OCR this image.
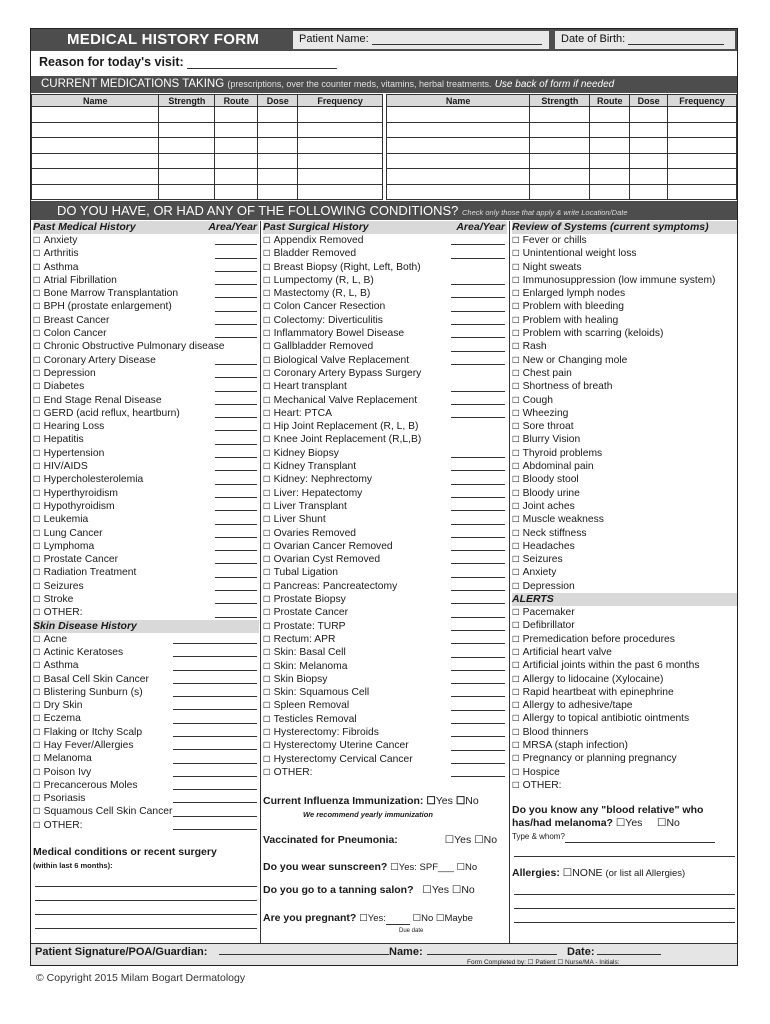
MEDICAL HISTORY FORM	Patient Name:	Date of Birth:
Reason for today's visit:
CURRENT MEDICATIONS TAKING (prescriptions, over the counter meds, vitamins, herbal treatments. Use back of form if needed
Name	Strength	Route	Dose	Frequency

					Name	Strength	Route	Dose	Frequency

DO YOU HAVE, OR HAD ANY OF THE FOLLOWING CONDITIONS? Check only those that apply & write Location/Date
Past Medical History	Area/Year
☐ Anxiety
☐ Arthritis
☐ Asthma
☐ Atrial Fibrillation
☐ Bone Marrow Transplantation
☐ BPH (prostate enlargement)
☐ Breast Cancer
☐ Colon Cancer
☐ Chronic Obstructive Pulmonary disease
☐ Coronary Artery Disease
☐ Depression
☐ Diabetes
☐ End Stage Renal Disease
☐ GERD (acid reflux, heartburn)
☐ Hearing Loss
☐ Hepatitis
☐ Hypertension
☐ HIV/AIDS
☐ Hypercholesterolemia
☐ Hyperthyroidism
☐ Hypothyroidism
☐ Leukemia
☐ Lung Cancer
☐ Lymphoma
☐ Prostate Cancer
☐ Radiation Treatment
☐ Seizures
☐ Stroke
☐ OTHER:
Skin Disease History
☐ Acne
☐ Actinic Keratoses
☐ Asthma
☐ Basal Cell Skin Cancer
☐ Blistering Sunburn (s)
☐ Dry Skin
☐ Eczema
☐ Flaking or Itchy Scalp
☐ Hay Fever/Allergies
☐ Melanoma
☐ Poison Ivy
☐ Precancerous Moles
☐ Psoriasis
☐ Squamous Cell Skin Cancer
☐ OTHER:
Medical conditions or recent surgery
(within last 6 months):
Past Surgical History	Area/Year
☐ Appendix Removed
☐ Bladder Removed
☐ Breast Biopsy (Right, Left, Both)
☐ Lumpectomy (R, L, B)
☐ Mastectomy (R, L, B)
☐ Colon Cancer Resection
☐ Colectomy: Diverticulitis
☐ Inflammatory Bowel Disease
☐ Gallbladder Removed
☐ Biological Valve Replacement
☐ Coronary Artery Bypass Surgery
☐ Heart transplant
☐ Mechanical Valve Replacement
☐ Heart: PTCA
☐ Hip Joint Replacement (R, L, B)
☐ Knee Joint Replacement (R,L,B)
☐ Kidney Biopsy
☐ Kidney Transplant
☐ Kidney: Nephrectomy
☐ Liver: Hepatectomy
☐ Liver Transplant
☐ Liver Shunt
☐ Ovaries Removed
☐ Ovarian Cancer Removed
☐ Ovarian Cyst Removed
☐ Tubal Ligation
☐ Pancreas: Pancreatectomy
☐ Prostate Biopsy
☐ Prostate Cancer
☐ Prostate: TURP
☐ Rectum: APR
☐ Skin: Basal Cell
☐ Skin: Melanoma
☐ Skin Biopsy
☐ Skin: Squamous Cell
☐ Spleen Removal
☐ Testicles Removal
☐ Hysterectomy: Fibroids
☐ Hysterectomy Uterine Cancer
☐ Hysterectomy Cervical Cancer
☐ OTHER:
Current Influenza Immunization: ☐Yes ☐No
We recommend yearly immunization
Vaccinated for Pneumonia:	☐Yes ☐No
Do you wear sunscreen? ☐Yes: SPF___ ☐No
Do you go to a tanning salon? ☐Yes ☐No
Are you pregnant? ☐Yes:	☐No ☐Maybe
Due date
Review of Systems (current symptoms)
☐ Fever or chills
☐ Unintentional weight loss
☐ Night sweats
☐ Immunosuppression (low immune system)
☐ Enlarged lymph nodes
☐ Problem with bleeding
☐ Problem with healing
☐ Problem with scarring (keloids)
☐ Rash
☐ New or Changing mole
☐ Chest pain
☐ Shortness of breath
☐ Cough
☐ Wheezing
☐ Sore throat
☐ Blurry Vision
☐ Thyroid problems
☐ Abdominal pain
☐ Bloody stool
☐ Bloody urine
☐ Joint aches
☐ Muscle weakness
☐ Neck stiffness
☐ Headaches
☐ Seizures
☐ Anxiety
☐ Depression
ALERTS
☐ Pacemaker
☐ Defibrillator
☐ Premedication before procedures
☐ Artificial heart valve
☐ Artificial joints within the past 6 months
☐ Allergy to lidocaine (Xylocaine)
☐ Rapid heartbeat with epinephrine
☐ Allergy to adhesive/tape
☐ Allergy to topical antibiotic ointments
☐ Blood thinners
☐ MRSA (staph infection)
☐ Pregnancy or planning pregnancy
☐ Hospice
☐ OTHER:
Do you know any "blood relative" who has/had melanoma? ☐Yes ☐No
Type & whom?
Allergies: ☐NONE (or list all Allergies)
Patient Signature/POA/Guardian:	Name:	Date:
Form Completed by: ☐ Patient ☐ Nurse/MA - Initials:
© Copyright 2015 Milam Bogart Dermatology
